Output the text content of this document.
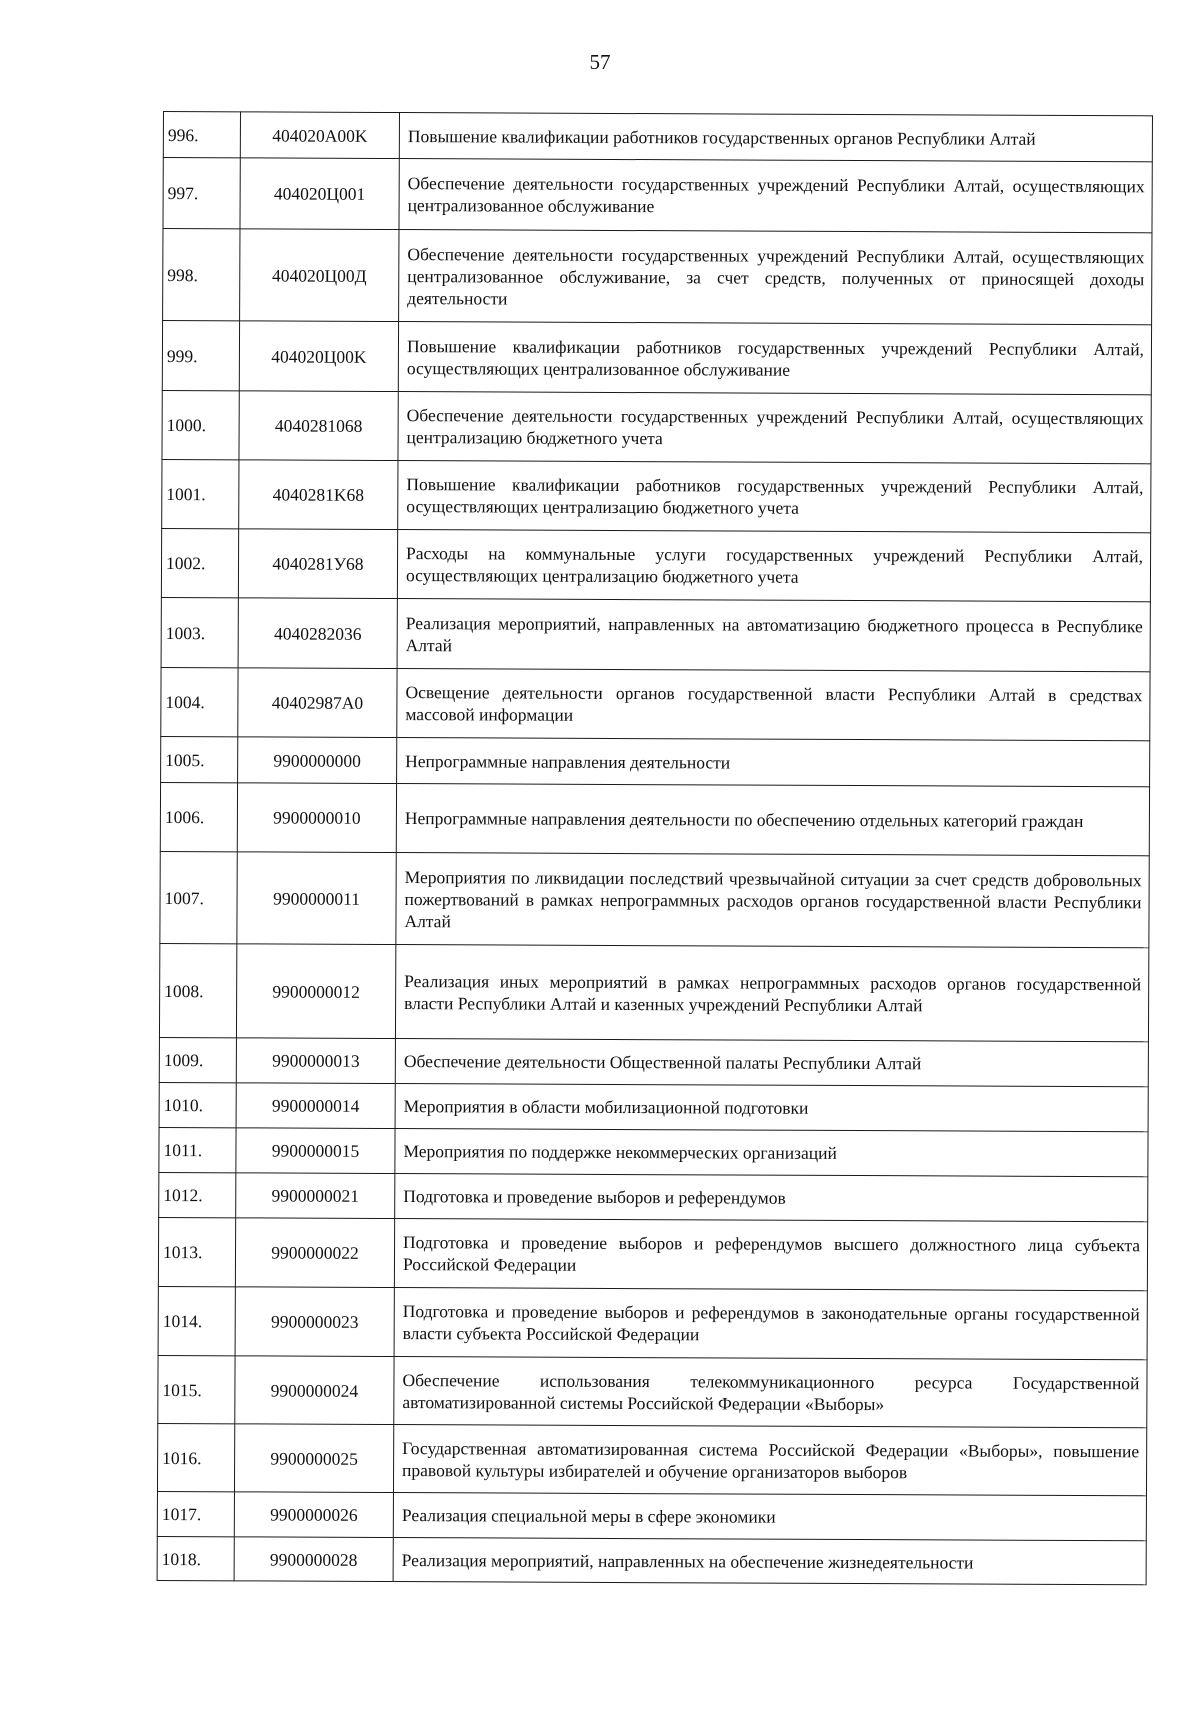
57
996.	404020A00K	Повышение квалификации работников государственных органов Республики Алтай
997.	404020Ц001	Обеспечение деятельности государственных учреждений Республики Алтай, осуществляющих централизованное обслуживание
998.	404020Ц00Д	Обеспечение деятельности государственных учреждений Республики Алтай, осуществляющих централизованное обслуживание, за счет средств, полученных от приносящей доходы деятельности
999.	404020Ц00K	Повышение квалификации работников государственных учреждений Республики Алтай, осуществляющих централизованное обслуживание
1000.	4040281068	Обеспечение деятельности государственных учреждений Республики Алтай, осуществляющих централизацию бюджетного учета
1001.	4040281K68	Повышение квалификации работников государственных учреждений Республики Алтай, осуществляющих централизацию бюджетного учета
1002.	4040281У68	Расходы на коммунальные услуги государственных учреждений Республики Алтай, осуществляющих централизацию бюджетного учета
1003.	4040282036	Реализация мероприятий, направленных на автоматизацию бюджетного процесса в Республике Алтай
1004.	40402987A0	Освещение деятельности органов государственной власти Республики Алтай в средствах массовой информации
1005.	9900000000	Непрограммные направления деятельности
1006.	9900000010	Непрограммные направления деятельности по обеспечению отдельных категорий граждан
1007.	9900000011	Мероприятия по ликвидации последствий чрезвычайной ситуации за счет средств добровольных пожертвований в рамках непрограммных расходов органов государственной власти Республики Алтай
1008.	9900000012	Реализация иных мероприятий в рамках непрограммных расходов органов государственной власти Республики Алтай и казенных учреждений Республики Алтай
1009.	9900000013	Обеспечение деятельности Общественной палаты Республики Алтай
1010.	9900000014	Мероприятия в области мобилизационной подготовки
1011.	9900000015	Мероприятия по поддержке некоммерческих организаций
1012.	9900000021	Подготовка и проведение выборов и референдумов
1013.	9900000022	Подготовка и проведение выборов и референдумов высшего должностного лица субъекта Российской Федерации
1014.	9900000023	Подготовка и проведение выборов и референдумов в законодательные органы государственной власти субъекта Российской Федерации
1015.	9900000024	Обеспечение использования телекоммуникационного ресурса Государственной автоматизированной системы Российской Федерации «Выборы»
1016.	9900000025	Государственная автоматизированная система Российской Федерации «Выборы», повышение правовой культуры избирателей и обучение организаторов выборов
1017.	9900000026	Реализация специальной меры в сфере экономики
1018.	9900000028	Реализация мероприятий, направленных на обеспечение жизнедеятельности
